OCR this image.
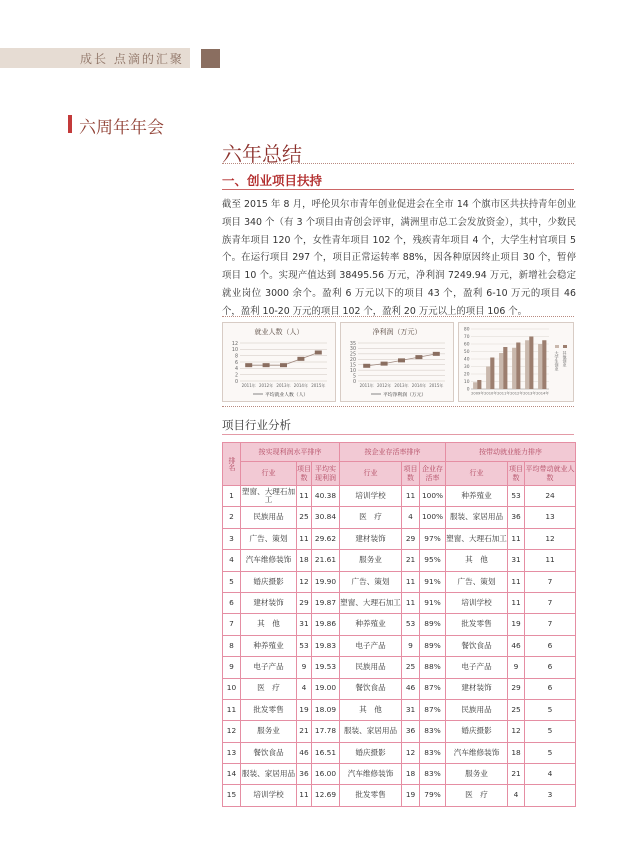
成长 点滴的汇聚
六周年年会
六年总结
一、创业项目扶持

截至 2015 年 8 月，呼伦贝尔市青年创业促进会在全市 14 个旗市区共扶持青年创业项目 340 个（有 3 个项目由青创会评审，满洲里市总工会发放资金），其中，少数民族青年项目 120 个，女性青年项目 102 个，残疾青年项目 4 个，大学生村官项目 5 个。在运行项目 297 个，项目正常运转率 88%，因各种原因终止项目 30 个，暂停项目 10 个。实现产值达到 38495.56 万元，净利润 7249.94 万元，新增社会稳定就业岗位 3000 余个。盈利 6 万元以下的项目 43 个，盈利 6-10 万元的项目 46 个，盈利 10-20 万元的项目 102 个，盈利 20 万元以上的项目 106 个。

就业人数（人）
0
2
4
6
8
10
12
2011年 2012年 2013年 2014年 2015年
平均就业人数（人）
净利润（万元）
0
5
10
15
20
25
30
35
2011年 2012年 2013年 2014年 2015年
平均净利润（万元）
0
10
20
30
40
50
60
70
80
2009年 2010年 2011年 2012年 2013年 2014年
大学生创业 其他创业
项目行业分析
排名	按实现利润水平排序			按企业存活率排序			按带动就业能力排序		
	行业	项目数	平均实现利润	行业	项目数	企业存活率	行业	项目数	平均带动就业人数
1	塑窗、大理石加工	11	40.38	培训学校	11	100%	种养殖业	53	24
2	民族用品	25	30.84	医　疗	4	100%	服装、家居用品	36	13
3	广告、策划	11	29.62	建材装饰	29	97%	塑窗、大理石加工	11	12
4	汽车维修装饰	18	21.61	服务业	21	95%	其　他	31	11
5	婚庆摄影	12	19.90	广告、策划	11	91%	广告、策划	11	7
6	建材装饰	29	19.87	塑窗、大理石加工	11	91%	培训学校	11	7
7	其　他	31	19.86	种养殖业	53	89%	批发零售	19	7
8	种养殖业	53	19.83	电子产品	9	89%	餐饮食品	46	6
9	电子产品	9	19.53	民族用品	25	88%	电子产品	9	6
10	医　疗	4	19.00	餐饮食品	46	87%	建材装饰	29	6
11	批发零售	19	18.09	其　他	31	87%	民族用品	25	5
12	服务业	21	17.78	服装、家居用品	36	83%	婚庆摄影	12	5
13	餐饮食品	46	16.51	婚庆摄影	12	83%	汽车维修装饰	18	5
14	服装、家居用品	36	16.00	汽车维修装饰	18	83%	服务业	21	4
15	培训学校	11	12.69	批发零售	19	79%	医　疗	4	3
